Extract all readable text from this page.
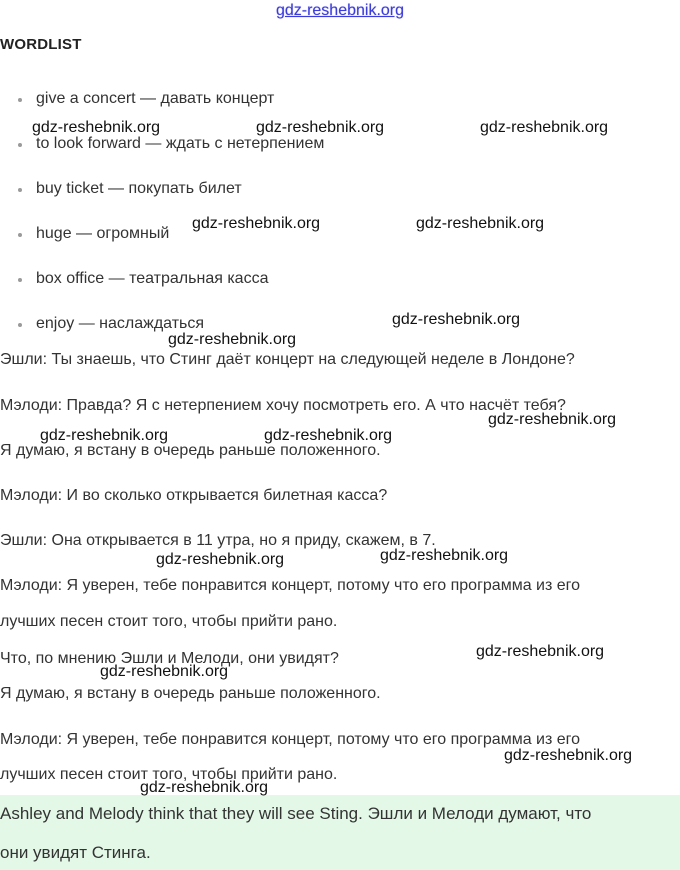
gdz-reshebnik.org
WORDLIST
give a concert — давать концерт
to look forward — ждать с нетерпением
buy ticket — покупать билет
huge — огромный
box office — театральная касса
enjoy — наслаждаться
Эшли: Ты знаешь, что Стинг даёт концерт на следующей неделе в Лондоне?
Мэлоди: Правда? Я с нетерпением хочу посмотреть его. А что насчёт тебя?
Я думаю, я встану в очередь раньше положенного.
Мэлоди: И во сколько открывается билетная касса?
Эшли: Она открывается в 11 утра, но я приду, скажем, в 7.
Мэлоди: Я уверен, тебе понравится концерт, потому что его программа из его
лучших песен стоит того, чтобы прийти рано.
Что, по мнению Эшли и Мелоди, они увидят?
Я думаю, я встану в очередь раньше положенного.
Мэлоди: Я уверен, тебе понравится концерт, потому что его программа из его
лучших песен стоит того, чтобы прийти рано.
Ashley and Melody think that they will see Sting. Эшли и Мелоди думают, что
они увидят Стинга.
gdz-reshebnik.org	gdz-reshebnik.org	gdz-reshebnik.org
gdz-reshebnik.org	gdz-reshebnik.org
gdz-reshebnik.org
gdz-reshebnik.org
gdz-reshebnik.org
gdz-reshebnik.org	gdz-reshebnik.org
gdz-reshebnik.org
gdz-reshebnik.org
gdz-reshebnik.org
gdz-reshebnik.org
gdz-reshebnik.org
gdz-reshebnik.org
